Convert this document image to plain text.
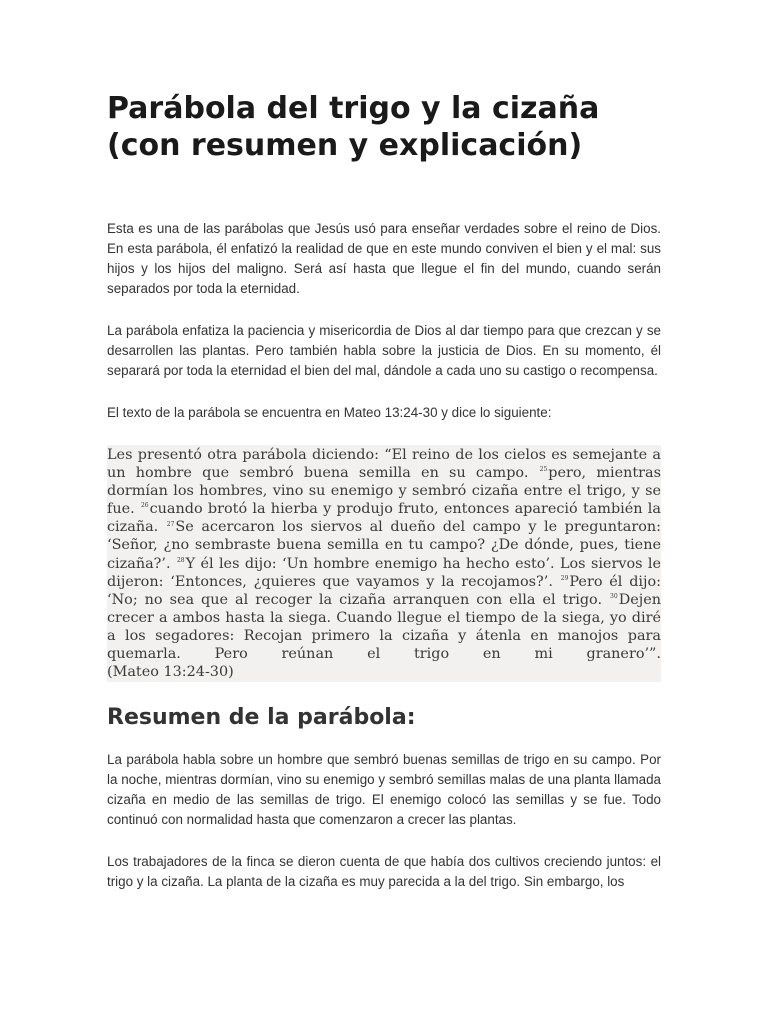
Parábola del trigo y la cizaña
(con resumen y explicación)

Esta es una de las parábolas que Jesús usó para enseñar verdades sobre el reino de Dios. En esta parábola, él enfatizó la realidad de que en este mundo conviven el bien y el mal: sus hijos y los hijos del maligno. Será así hasta que llegue el fin del mundo, cuando serán separados por toda la eternidad.

La parábola enfatiza la paciencia y misericordia de Dios al dar tiempo para que crezcan y se desarrollen las plantas. Pero también habla sobre la justicia de Dios. En su momento, él separará por toda la eternidad el bien del mal, dándole a cada uno su castigo o recompensa.

El texto de la parábola se encuentra en Mateo 13:24-30 y dice lo siguiente:

Les presentó otra parábola diciendo: “El reino de los cielos es semejante a un hombre que sembró buena semilla en su campo. $^{25}$pero, mientras dormían los hombres, vino su enemigo y sembró cizaña entre el trigo, y se fue. $^{26}$cuando brotó la hierba y produjo fruto, entonces apareció también la cizaña. $^{27}$Se acercaron los siervos al dueño del campo y le preguntaron: ‘Señor, ¿no sembraste buena semilla en tu campo? ¿De dónde, pues, tiene cizaña?’. $^{28}$Y él les dijo: ‘Un hombre enemigo ha hecho esto’. Los siervos le dijeron: ‘Entonces, ¿quieres que vayamos y la recojamos?’. $^{29}$Pero él dijo: ‘No; no sea que al recoger la cizaña arranquen con ella el trigo. $^{30}$Dejen crecer a ambos hasta la siega. Cuando llegue el tiempo de la siega, yo diré a los segadores: Recojan primero la cizaña y átenla en manojos para quemarla. Pero reúnan el trigo en mi granero’”.
(Mateo 13:24-30)
Resumen de la parábola:

La parábola habla sobre un hombre que sembró buenas semillas de trigo en su campo. Por la noche, mientras dormían, vino su enemigo y sembró semillas malas de una planta llamada cizaña en medio de las semillas de trigo. El enemigo colocó las semillas y se fue. Todo continuó con normalidad hasta que comenzaron a crecer las plantas.

Los trabajadores de la finca se dieron cuenta de que había dos cultivos creciendo juntos: el trigo y la cizaña. La planta de la cizaña es muy parecida a la del trigo. Sin embargo, los
